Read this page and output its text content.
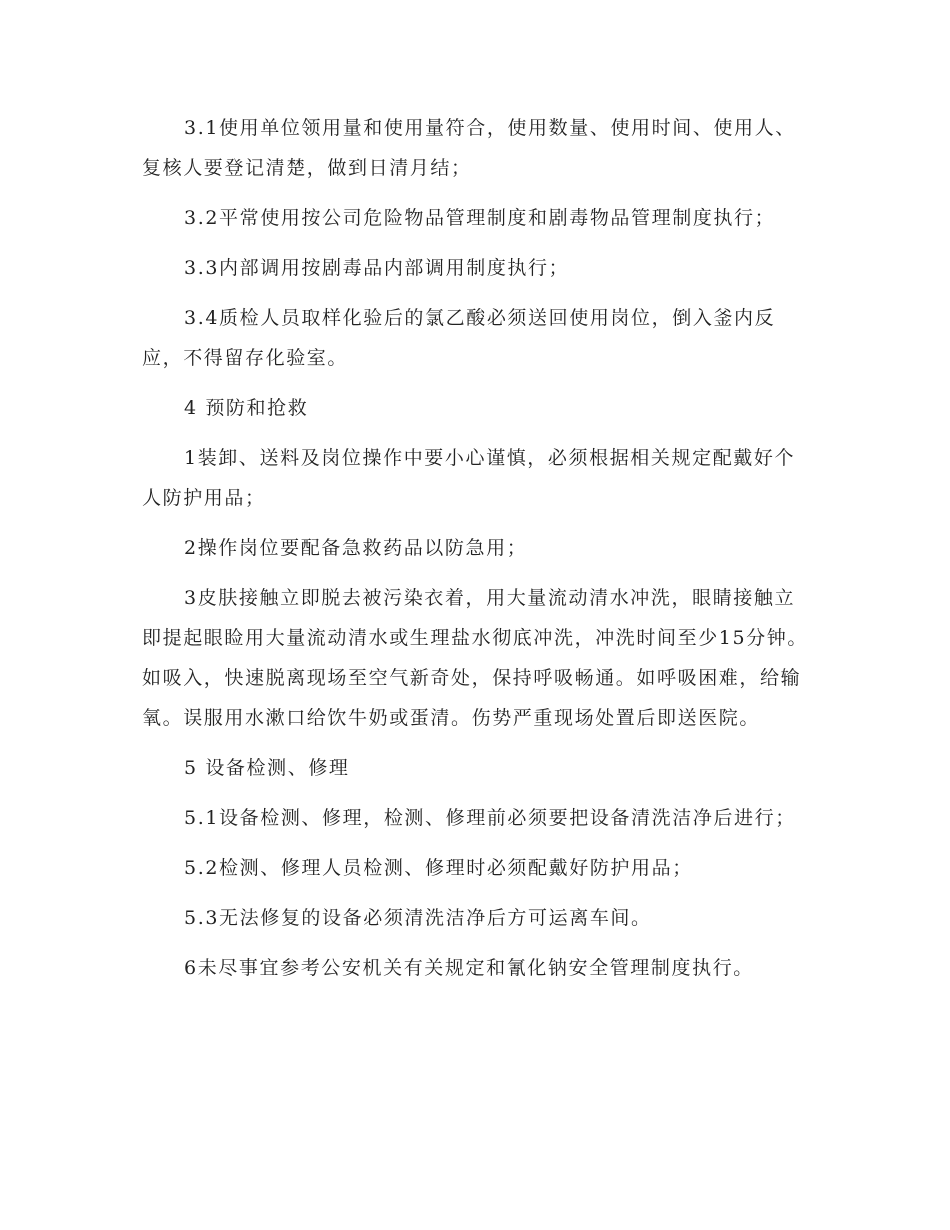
3.1使用单位领用量和使用量符合，使用数量、使用时间、使用人、复核人要登记清楚，做到日清月结；

3.2平常使用按公司危险物品管理制度和剧毒物品管理制度执行；

3.3内部调用按剧毒品内部调用制度执行；

3.4质检人员取样化验后的氯乙酸必须送回使用岗位，倒入釜内反应，不得留存化验室。

4 预防和抢救

1装卸、送料及岗位操作中要小心谨慎，必须根据相关规定配戴好个人防护用品；

2操作岗位要配备急救药品以防急用；

3皮肤接触立即脱去被污染衣着，用大量流动清水冲洗，眼睛接触立即提起眼睑用大量流动清水或生理盐水彻底冲洗，冲洗时间至少15分钟。如吸入，快速脱离现场至空气新奇处，保持呼吸畅通。如呼吸困难，给输氧。误服用水漱口给饮牛奶或蛋清。伤势严重现场处置后即送医院。

5 设备检测、修理

5.1设备检测、修理，检测、修理前必须要把设备清洗洁净后进行；

5.2检测、修理人员检测、修理时必须配戴好防护用品；

5.3无法修复的设备必须清洗洁净后方可运离车间。

6未尽事宜参考公安机关有关规定和氰化钠安全管理制度执行。
